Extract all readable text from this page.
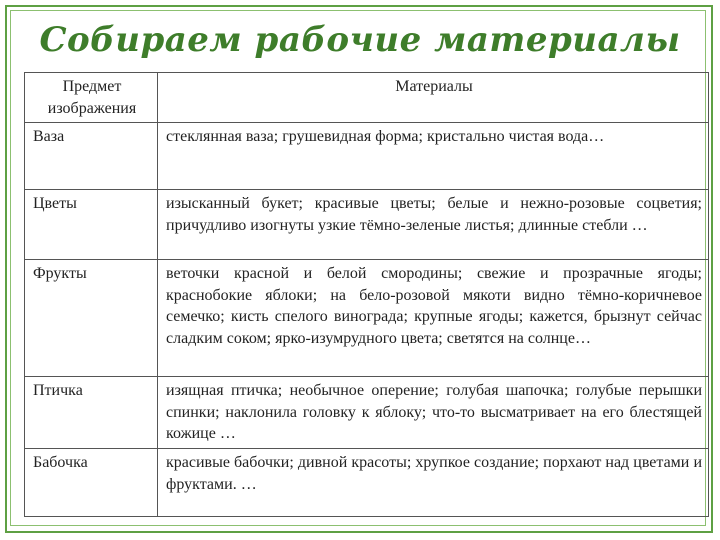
Собираем рабочие материалы
Предмет изображения	Материалы
Ваза	стеклянная ваза; грушевидная форма; кристально чистая вода…
Цветы	изысканный букет; красивые цветы; белые и нежно-розовые соцветия; причудливо изогнуты узкие тёмно-зеленые листья; длинные стебли …
Фрукты	веточки красной и белой смородины; свежие и прозрачные ягоды; краснобокие яблоки; на бело-розовой мякоти видно тёмно-коричневое семечко; кисть спелого винограда; крупные ягоды; кажется, брызнут сейчас сладким соком; ярко-изумрудного цвета; светятся на солнце…
Птичка	изящная птичка; необычное оперение; голубая шапочка; голубые перышки спинки; наклонила головку к яблоку; что-то высматривает на его блестящей кожице …
Бабочка	красивые бабочки; дивной красоты; хрупкое создание; порхают над цветами и фруктами. …
